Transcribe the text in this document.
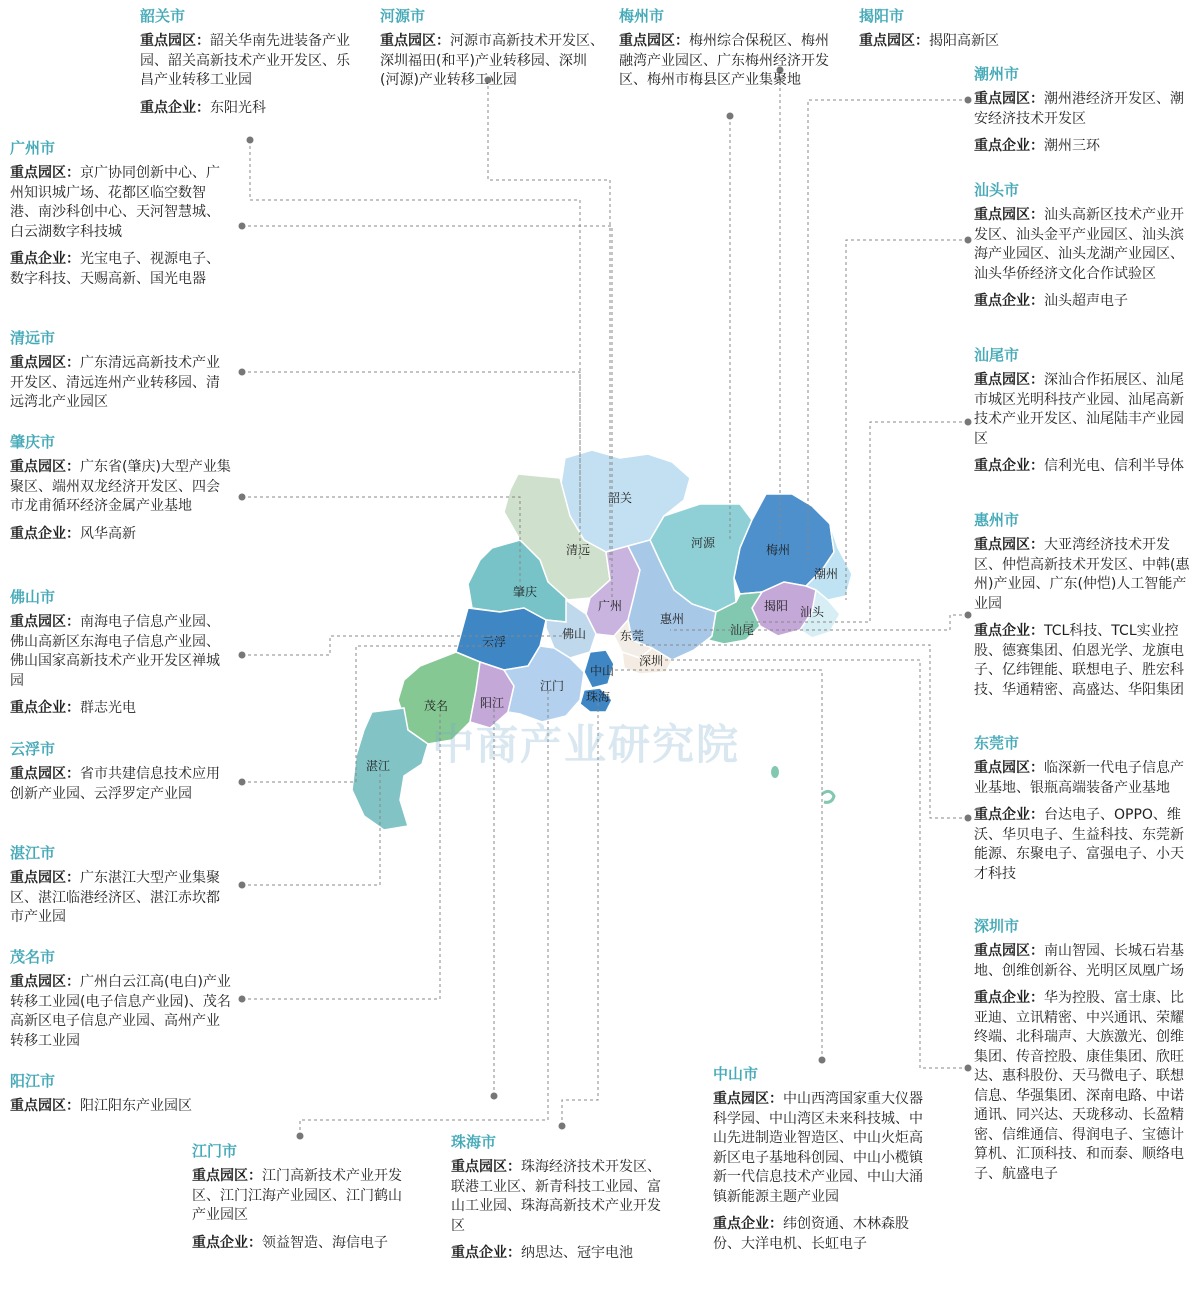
韶关
清远	河源	梅州
潮州
肇庆
广州
惠州
揭阳 汕头
云浮
佛山	东莞	汕尾
深圳
中山
茂名	阳江
江门
珠海
湛江 中商产业研究院
韶关市
重点园区：韶关华南先进装备产业园、韶关高新技术产业开发区、乐昌产业转移工业园
重点企业：东阳光科
河源市
重点园区：河源市高新技术开发区、深圳福田(和平)产业转移园、深圳(河源)产业转移工业园
梅州市
重点园区：梅州综合保税区、梅州融湾产业园区、广东梅州经济开发区、梅州市梅县区产业集聚地
揭阳市
重点园区：揭阳高新区
潮州市
重点园区：潮州港经济开发区、潮安经济技术开发区
重点企业：潮州三环
广州市
重点园区：京广协同创新中心、广州知识城广场、花都区临空数智港、南沙科创中心、天河智慧城、白云湖数字科技城
重点企业：光宝电子、视源电子、数字科技、天赐高新、国光电器
汕头市
重点园区：汕头高新区技术产业开发区、汕头金平产业园区、汕头滨海产业园区、汕头龙湖产业园区、汕头华侨经济文化合作试验区
重点企业：汕头超声电子
清远市
重点园区：广东清远高新技术产业开发区、清远连州产业转移园、清远湾北产业园区
汕尾市
重点园区：深汕合作拓展区、汕尾市城区光明科技产业园、汕尾高新技术产业开发区、汕尾陆丰产业园区
重点企业：信利光电、信利半导体
肇庆市
重点园区：广东省(肇庆)大型产业集聚区、端州双龙经济开发区、四会市龙甫循环经济金属产业基地
重点企业：风华高新
惠州市
重点园区：大亚湾经济技术开发区、仲恺高新技术开发区、中韩(惠州)产业园、广东(仲恺)人工智能产业园
重点企业：TCL科技、TCL实业控股、德赛集团、伯恩光学、龙旗电子、亿纬锂能、联想电子、胜宏科技、华通精密、高盛达、华阳集团
佛山市
重点园区：南海电子信息产业园、佛山高新区东海电子信息产业园、佛山国家高新技术产业开发区禅城园
重点企业：群志光电
东莞市
重点园区：临深新一代电子信息产业基地、银瓶高端装备产业基地
重点企业：台达电子、OPPO、维沃、华贝电子、生益科技、东莞新能源、东聚电子、富强电子、小天才科技
云浮市
重点园区：省市共建信息技术应用创新产业园、云浮罗定产业园
湛江市
重点园区：广东湛江大型产业集聚区、湛江临港经济区、湛江赤坎都市产业园	深圳市
重点园区：南山智园、长城石岩基地、创维创新谷、光明区凤凰广场
重点企业：华为控股、富士康、比亚迪、立讯精密、中兴通讯、荣耀终端、北科瑞声、大族激光、创维集团、传音控股、康佳集团、欣旺达、惠科股份、天马微电子、联想信息、华强集团、深南电路、中诺通讯、同兴达、天珑移动、长盈精密、信维通信、得润电子、宝德计算机、汇顶科技、和而泰、顺络电子、航盛电子
茂名市
重点园区：广州白云江高(电白)产业转移工业园(电子信息产业园)、茂名高新区电子信息产业园、高州产业转移工业园
阳江市
重点园区：阳江阳东产业园区
江门市
重点园区：江门高新技术产业开发区、江门江海产业园区、江门鹤山产业园区
重点企业：领益智造、海信电子
珠海市
重点园区：珠海经济技术开发区、联港工业区、新青科技工业园、富山工业园、珠海高新技术产业开发区
重点企业：纳思达、冠宇电池
中山市
重点园区：中山西湾国家重大仪器科学园、中山湾区未来科技城、中山先进制造业智造区、中山火炬高新区电子基地科创园、中山小榄镇新一代信息技术产业园、中山大涌镇新能源主题产业园
重点企业：纬创资通、木林森股份、大洋电机、长虹电子
